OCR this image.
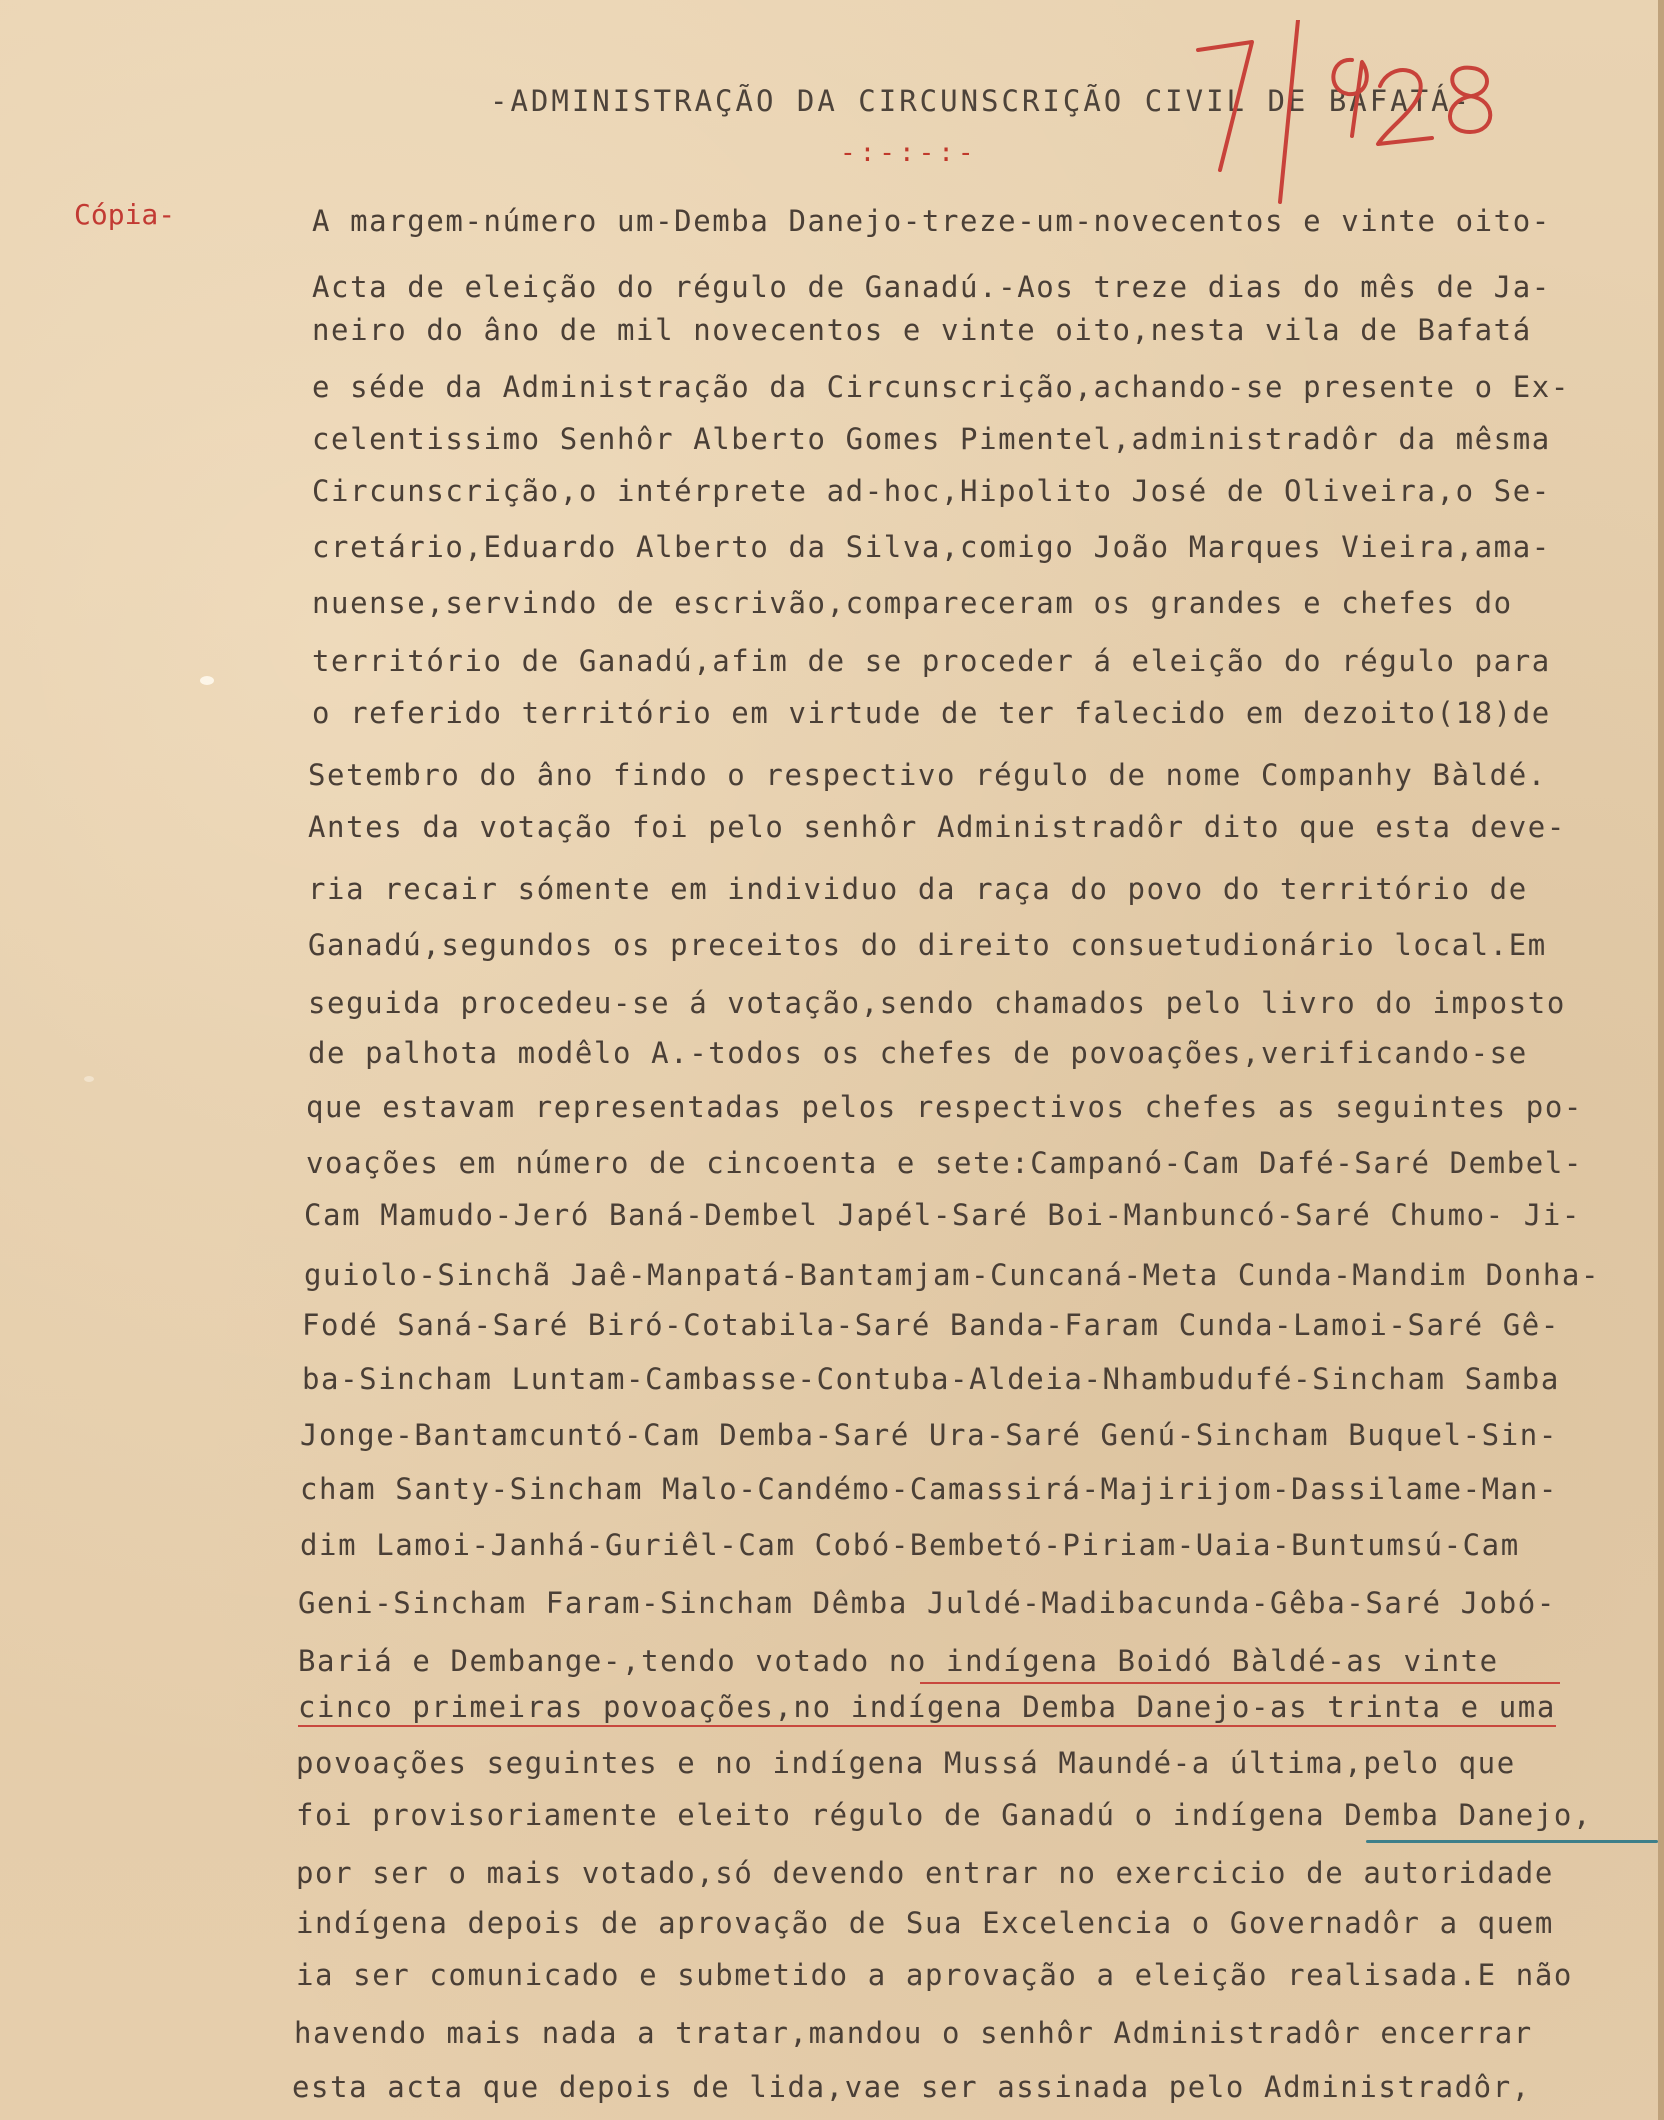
-ADMINISTRAÇÃO DA CIRCUNSCRIÇÃO CIVIL DE BAFATÁ-
-:-:-:-
Cópia-	A margem-número um-Demba Danejo-treze-um-novecentos e vinte oito-
Acta de eleição do régulo de Ganadú.-Aos treze dias do mês de Ja-
neiro do âno de mil novecentos e vinte oito,nesta vila de Bafatá
e séde da Administração da Circunscrição,achando-se presente o Ex-
celentissimo Senhôr Alberto Gomes Pimentel,administradôr da mêsma
Circunscrição,o intérprete ad-hoc,Hipolito José de Oliveira,o Se-
cretário,Eduardo Alberto da Silva,comigo João Marques Vieira,ama-
nuense,servindo de escrivão,compareceram os grandes e chefes do
território de Ganadú,afim de se proceder á eleição do régulo para
o referido território em virtude de ter falecido em dezoito(18)de
Setembro do âno findo o respectivo régulo de nome Companhy Bàldé.
Antes da votação foi pelo senhôr Administradôr dito que esta deve-
ria recair sómente em individuo da raça do povo do território de
Ganadú,segundos os preceitos do direito consuetudionário local.Em
seguida procedeu-se á votação,sendo chamados pelo livro do imposto
de palhota modêlo A.-todos os chefes de povoações,verificando-se
que estavam representadas pelos respectivos chefes as seguintes po-
voações em número de cincoenta e sete:Campanó-Cam Dafé-Saré Dembel-
Cam Mamudo-Jeró Baná-Dembel Japél-Saré Boi-Manbuncó-Saré Chumo- Ji-
guiolo-Sinchã Jaê-Manpatá-Bantamjam-Cuncaná-Meta Cunda-Mandim Donha-
Fodé Saná-Saré Biró-Cotabila-Saré Banda-Faram Cunda-Lamoi-Saré Gê-
ba-Sincham Luntam-Cambasse-Contuba-Aldeia-Nhambudufé-Sincham Samba
Jonge-Bantamcuntó-Cam Demba-Saré Ura-Saré Genú-Sincham Buquel-Sin-
cham Santy-Sincham Malo-Candémo-Camassirá-Majirijom-Dassilame-Man-
dim Lamoi-Janhá-Guriêl-Cam Cobó-Bembetó-Piriam-Uaia-Buntumsú-Cam
Geni-Sincham Faram-Sincham Dêmba Juldé-Madibacunda-Gêba-Saré Jobó-
Bariá e Dembange-,tendo votado no indígena Boidó Bàldé-as vinte
cinco primeiras povoações,no indígena Demba Danejo-as trinta e uma
povoações seguintes e no indígena Mussá Maundé-a última,pelo que
foi provisoriamente eleito régulo de Ganadú o indígena Demba Danejo,
por ser o mais votado,só devendo entrar no exercicio de autoridade
indígena depois de aprovação de Sua Excelencia o Governadôr a quem
ia ser comunicado e submetido a aprovação a eleição realisada.E não
havendo mais nada a tratar,mandou o senhôr Administradôr encerrar
esta acta que depois de lida,vae ser assinada pelo Administradôr,
